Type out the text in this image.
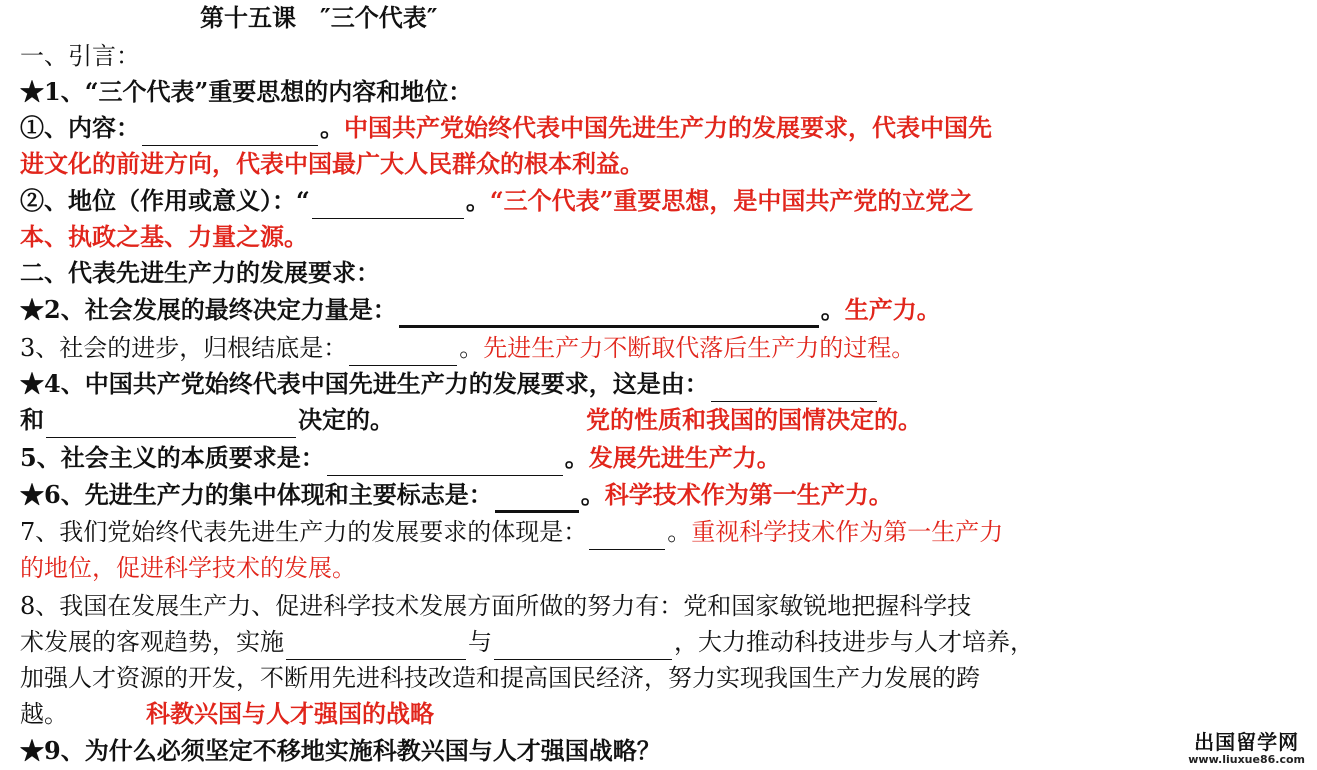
第十五课　″三个代表″
一、引言：
★1、“三个代表”重要思想的内容和地位：
①、内容：	。中国共产党始终代表中国先进生产力的发展要求，代表中国先
进文化的前进方向，代表中国最广大人民群众的根本利益。
②、地位（作用或意义）：“	。“三个代表”重要思想，是中国共产党的立党之
本、执政之基、力量之源。
二、代表先进生产力的发展要求：
★2、社会发展的最终决定力量是：	。生产力。
3、社会的进步，归根结底是：	。先进生产力不断取代落后生产力的过程。
★4、中国共产党始终代表中国先进生产力的发展要求，这是由：
和	决定的。	党的性质和我国的国情决定的。
5、社会主义的本质要求是：	。发展先进生产力。
★6、先进生产力的集中体现和主要标志是：	。科学技术作为第一生产力。
7、我们党始终代表先进生产力的发展要求的体现是：	。重视科学技术作为第一生产力
的地位，促进科学技术的发展。
8、我国在发展生产力、促进科学技术发展方面所做的努力有：党和国家敏锐地把握科学技
术发展的客观趋势，实施	与	，大力推动科技进步与人才培养，
加强人才资源的开发，不断用先进科技改造和提高国民经济，努力实现我国生产力发展的跨
越。	科教兴国与人才强国的战略
★9、为什么必须坚定不移地实施科教兴国与人才强国战略？	出国留学网
www.liuxue86.com
